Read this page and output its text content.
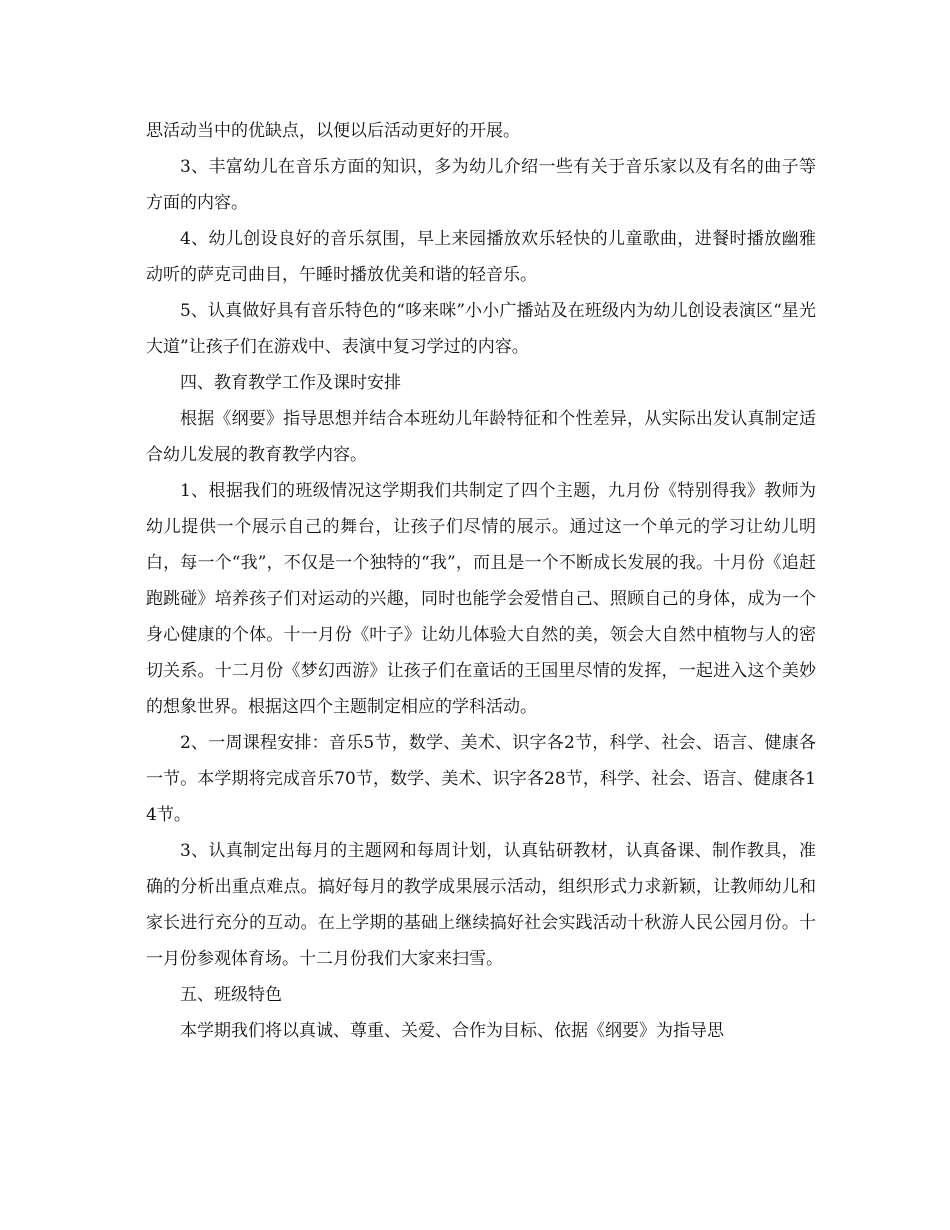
思活动当中的优缺点，以便以后活动更好的开展。

3、丰富幼儿在音乐方面的知识，多为幼儿介绍一些有关于音乐家以及有名的曲子等方面的内容。

4、幼儿创设良好的音乐氛围，早上来园播放欢乐轻快的儿童歌曲，进餐时播放幽雅动听的萨克司曲目，午睡时播放优美和谐的轻音乐。

5、认真做好具有音乐特色的“哆来咪”小小广播站及在班级内为幼儿创设表演区“星光大道”让孩子们在游戏中、表演中复习学过的内容。

四、教育教学工作及课时安排

根据《纲要》指导思想并结合本班幼儿年龄特征和个性差异，从实际出发认真制定适合幼儿发展的教育教学内容。

1、根据我们的班级情况这学期我们共制定了四个主题，九月份《特别得我》教师为幼儿提供一个展示自己的舞台，让孩子们尽情的展示。通过这一个单元的学习让幼儿明白，每一个“我”，不仅是一个独特的“我”，而且是一个不断成长发展的我。十月份《追赶跑跳碰》培养孩子们对运动的兴趣，同时也能学会爱惜自己、照顾自己的身体，成为一个身心健康的个体。十一月份《叶子》让幼儿体验大自然的美，领会大自然中植物与人的密切关系。十二月份《梦幻西游》让孩子们在童话的王国里尽情的发挥，一起进入这个美妙的想象世界。根据这四个主题制定相应的学科活动。

2、一周课程安排：音乐5节，数学、美术、识字各2节，科学、社会、语言、健康各一节。本学期将完成音乐70节，数学、美术、识字各28节，科学、社会、语言、健康各14节。

3、认真制定出每月的主题网和每周计划，认真钻研教材，认真备课、制作教具，准确的分析出重点难点。搞好每月的教学成果展示活动，组织形式力求新颖，让教师幼儿和家长进行充分的互动。在上学期的基础上继续搞好社会实践活动十秋游人民公园月份。十一月份参观体育场。十二月份我们大家来扫雪。

五、班级特色

本学期我们将以真诚、尊重、关爱、合作为目标、依据《纲要》为指导思
